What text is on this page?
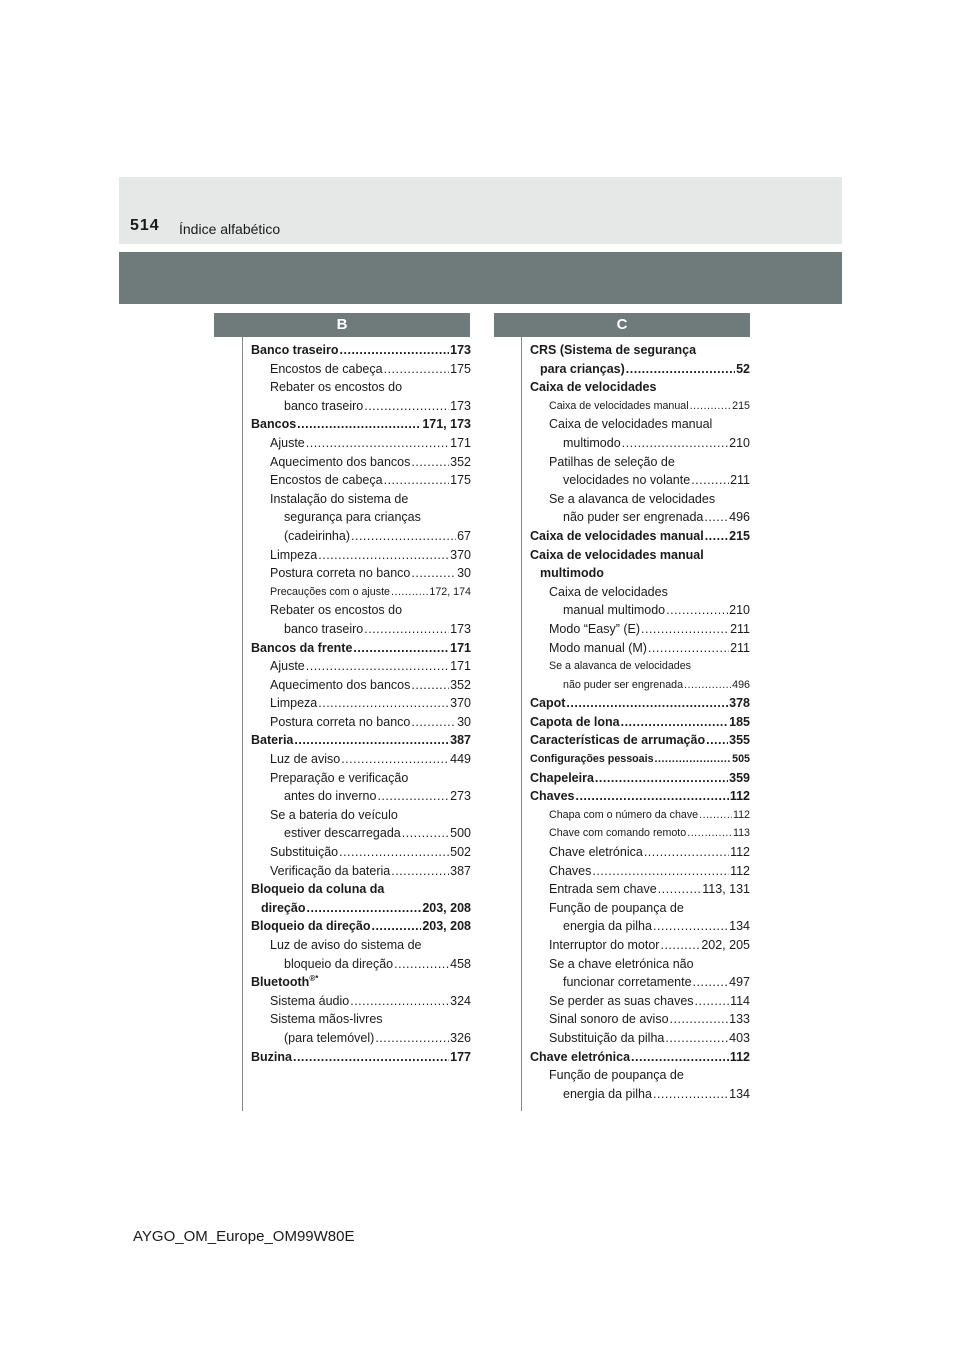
514 Índice alfabético
B	C
Banco traseiro .....	173
Encostos de cabeça .....	175
Rebater os encostos do
banco traseiro .....	173
Bancos .....	171, 173
Ajuste .....	171
Aquecimento dos bancos .....	352
Encostos de cabeça .....	175
Instalação do sistema de
segurança para crianças
(cadeirinha) .....	67
Limpeza .....	370
Postura correta no banco .....	30
Precauções com o ajuste .....	172, 174
Rebater os encostos do
banco traseiro .....	173
Bancos da frente .....	171
Ajuste .....	171
Aquecimento dos bancos .....	352
Limpeza .....	370
Postura correta no banco .....	30
Bateria .....	387
Luz de aviso .....	449
Preparação e verificação
antes do inverno .....	273
Se a bateria do veículo
estiver descarregada .....	500
Substituição .....	502
Verificação da bateria .....	387
Bloqueio da coluna da
direção .....	203, 208
Bloqueio da direção .....	203, 208
Luz de aviso do sistema de
bloqueio da direção .....	458
Bluetooth®*
Sistema áudio .....	324
Sistema mãos-livres
(para telemóvel) .....	326
Buzina .....	177
CRS (Sistema de segurança
para crianças) .....	52
Caixa de velocidades
Caixa de velocidades manual .....	215
Caixa de velocidades manual
multimodo .....	210
Patilhas de seleção de
velocidades no volante .....	211
Se a alavanca de velocidades
não puder ser engrenada ..... 496
Caixa de velocidades manual ..... 215
Caixa de velocidades manual
multimodo
Caixa de velocidades
manual multimodo .....	210
Modo “Easy” (E) .....	211
Modo manual (M) .....	211
Se a alavanca de velocidades
não puder ser engrenada .....	496
Capot .....	378
Capota de lona .....	185
Características de arrumação ..... 355
Configurações pessoais .....	505
Chapeleira .....	359
Chaves .....	112
Chapa com o número da chave .....	112
Chave com comando remoto .....	113
Chave eletrónica .....	112
Chaves .....	112
Entrada sem chave .....	113, 131
Função de poupança de
energia da pilha .....	134
Interruptor do motor .....	202, 205
Se a chave eletrónica não
funcionar corretamente .....	497
Se perder as suas chaves .....	114
Sinal sonoro de aviso .....	133
Substituição da pilha .....	403
Chave eletrónica .....	112
Função de poupança de
energia da pilha .....	134
AYGO_OM_Europe_OM99W80E
